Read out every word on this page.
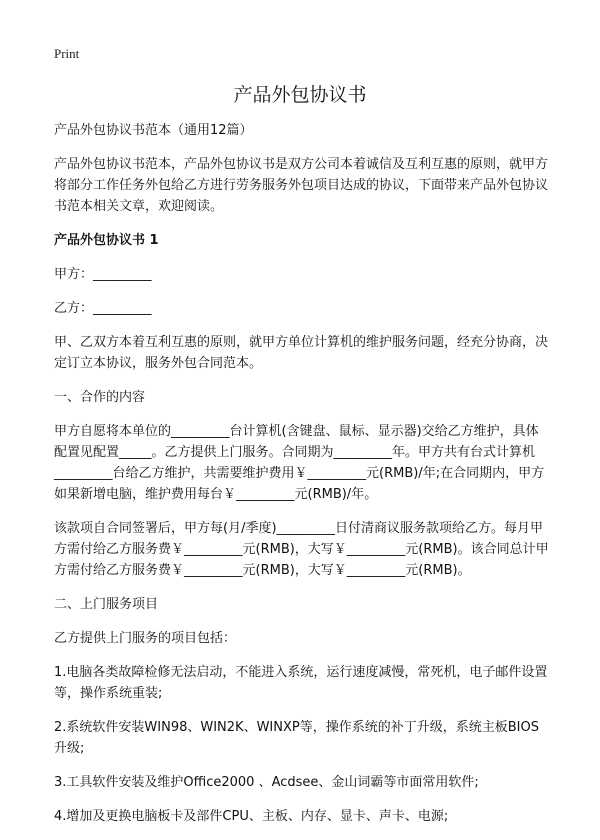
Print
产品外包协议书

产品外包协议书范本（通用12篇）

产品外包协议书范本，产品外包协议书是双方公司本着诚信及互利互惠的原则，就甲方将部分工作任务外包给乙方进行劳务服务外包项目达成的协议，下面带来产品外包协议书范本相关文章，欢迎阅读。

产品外包协议书 1

甲方：_________

乙方：_________

甲、乙双方本着互利互惠的原则，就甲方单位计算机的维护服务问题，经充分协商，决定订立本协议，服务外包合同范本。

一、合作的内容

甲方自愿将本单位的_________台计算机(含键盘、鼠标、显示器)交给乙方维护，具体配置见配置_____。乙方提供上门服务。合同期为_________年。甲方共有台式计算机_________台给乙方维护，共需要维护费用￥_________元(RMB)/年;在合同期内，甲方如果新增电脑，维护费用每台￥_________元(RMB)/年。

该款项自合同签署后，甲方每(月/季度)_________日付清商议服务款项给乙方。每月甲方需付给乙方服务费￥_________元(RMB)，大写￥_________元(RMB)。该合同总计甲方需付给乙方服务费￥_________元(RMB)，大写￥_________元(RMB)。

二、上门服务项目

乙方提供上门服务的项目包括：

1.电脑各类故障检修无法启动，不能进入系统，运行速度减慢，常死机，电子邮件设置等，操作系统重装;

2.系统软件安装WIN98、WIN2K、WINXP等，操作系统的补丁升级，系统主板BIOS升级;

3.工具软件安装及维护Office2000 、Acdsee、金山词霸等市面常用软件;

4.增加及更换电脑板卡及部件CPU、主板、内存、显卡、声卡、电源;
